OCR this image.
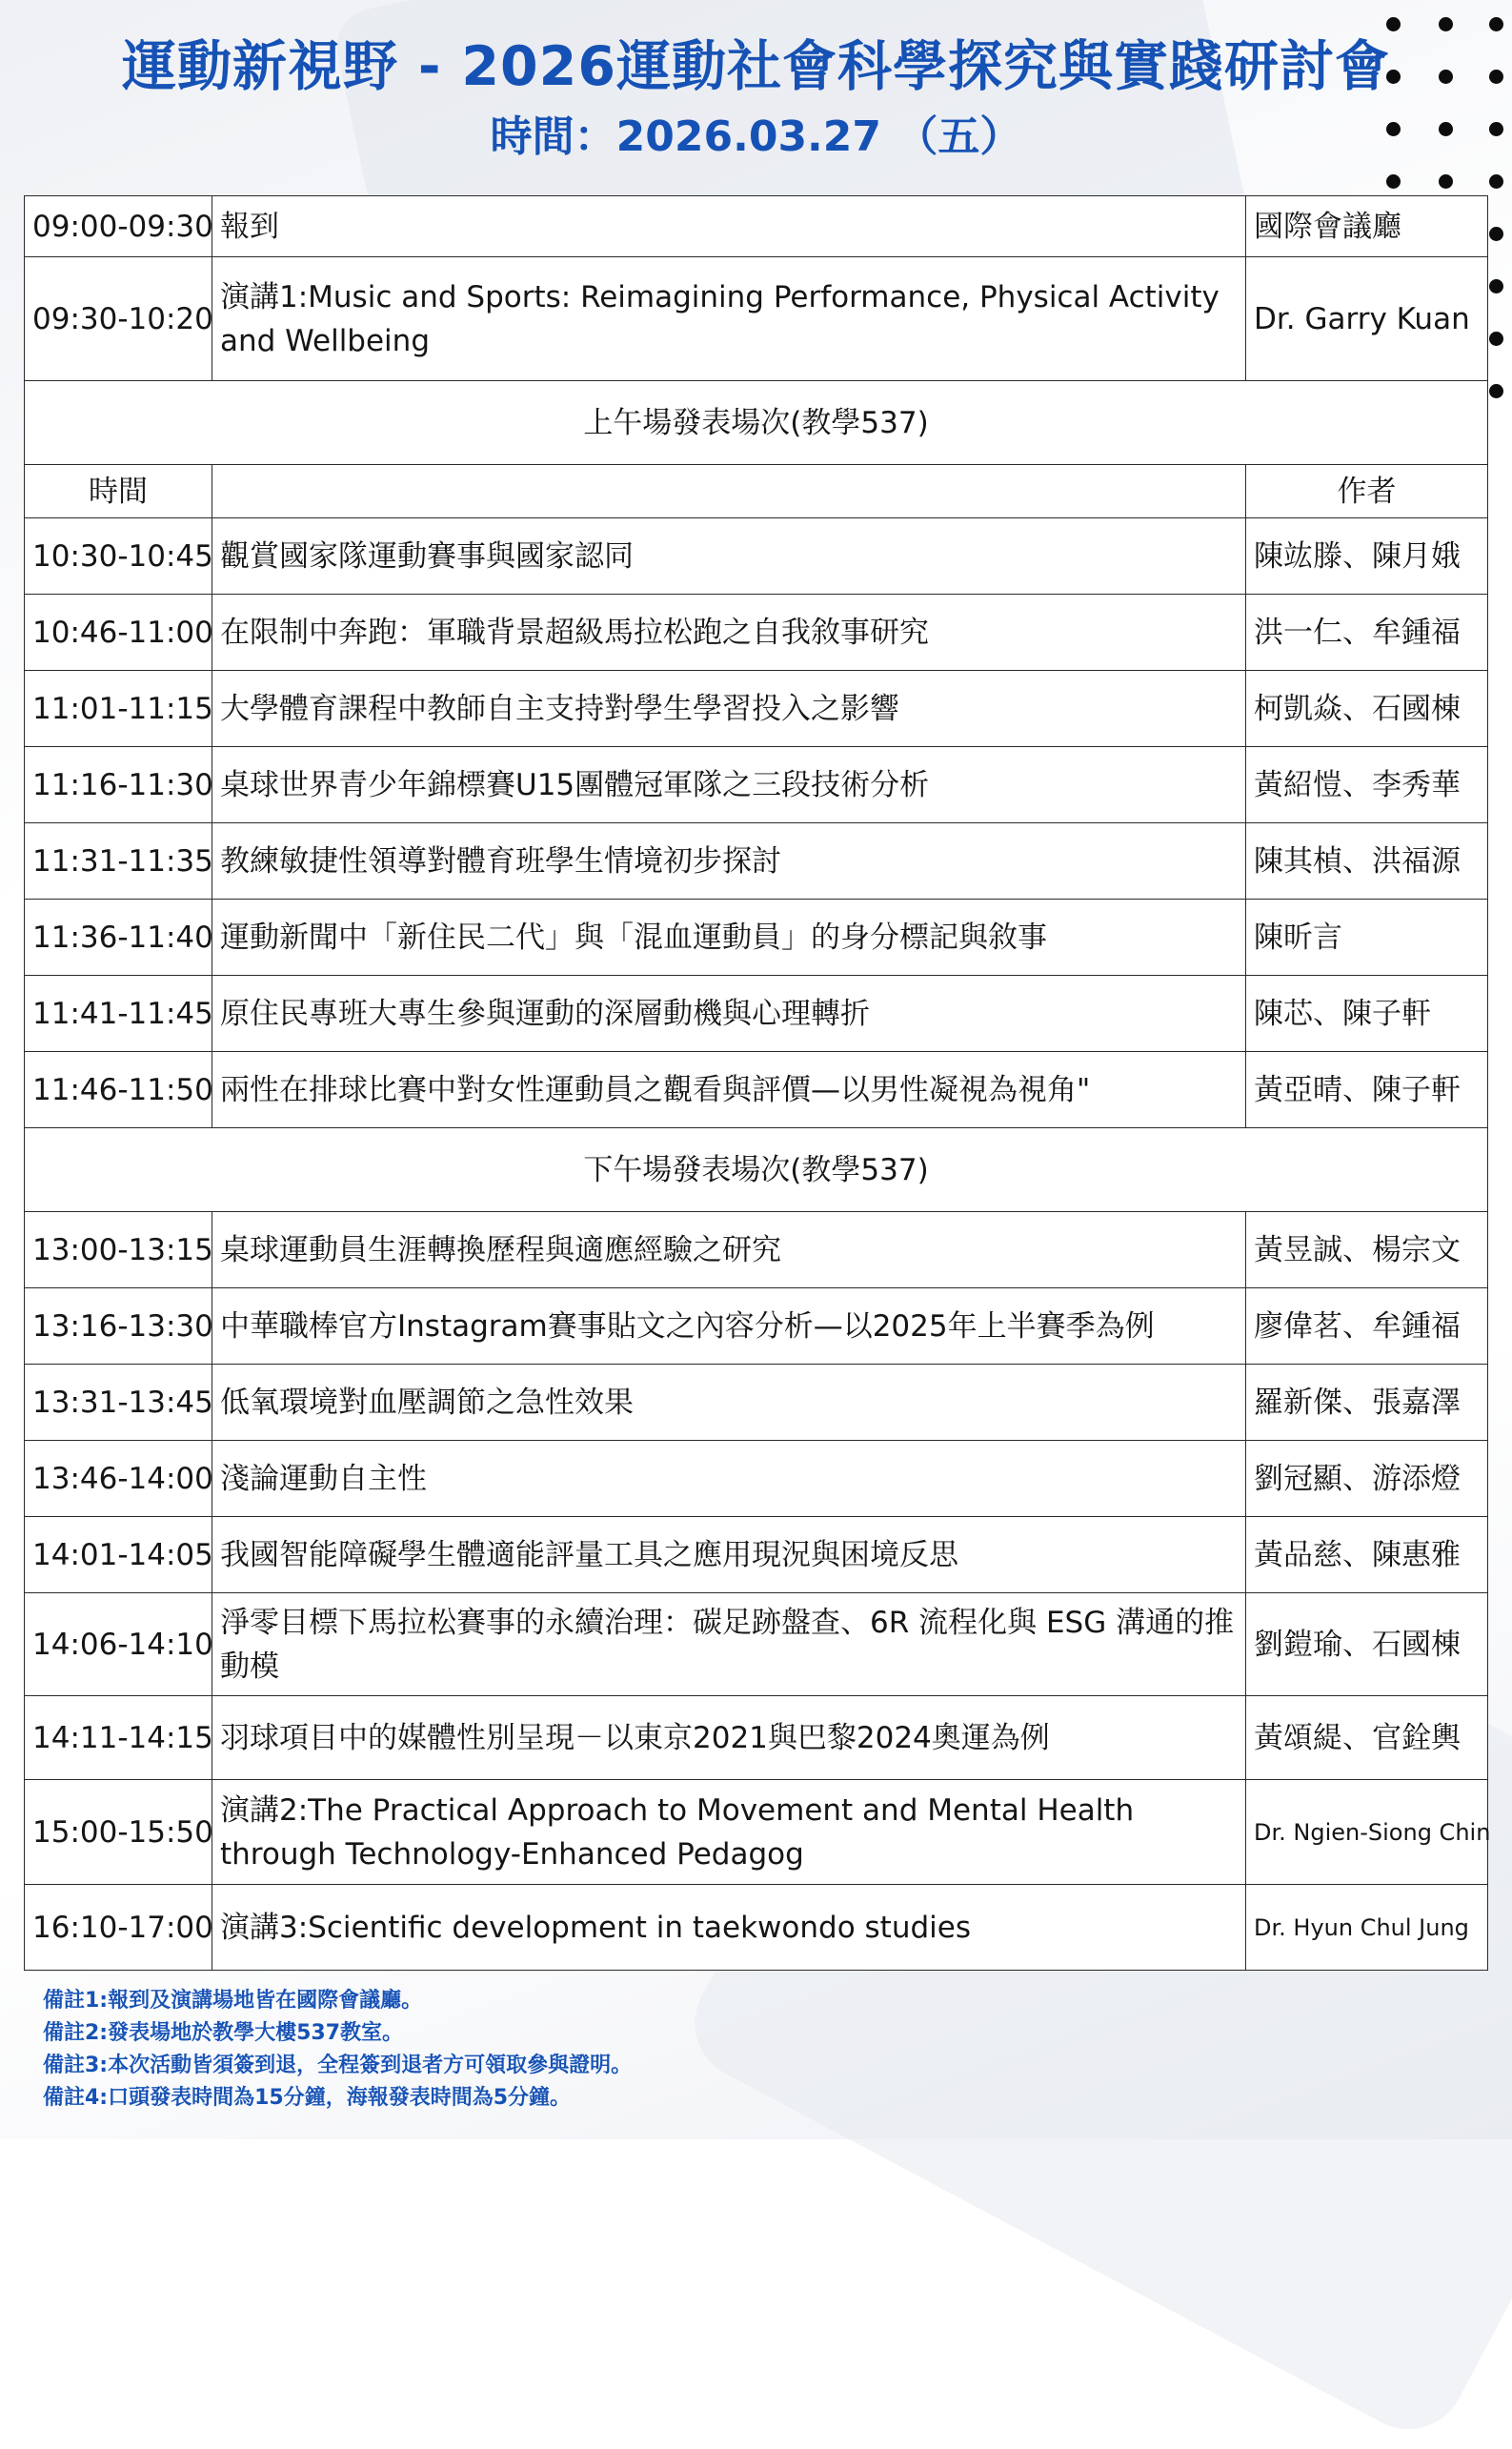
運動新視野 - 2026運動社會科學探究與實踐研討會
時間：2026.03.27 （五）
09:00-09:30	報到	國際會議廳
09:30-10:20	演講1:Music and Sports: Reimagining Performance, Physical Activity and Wellbeing	Dr. Garry Kuan
上午場發表場次(教學537)		
時間		作者
10:30-10:45	觀賞國家隊運動賽事與國家認同	陳竑滕、陳月娥
10:46-11:00	在限制中奔跑：軍職背景超級馬拉松跑之自我敘事研究	洪一仁、牟鍾福
11:01-11:15	大學體育課程中教師自主支持對學生學習投入之影響	柯凱焱、石國棟
11:16-11:30	桌球世界青少年錦標賽U15團體冠軍隊之三段技術分析	黃紹愷、李秀華
11:31-11:35	教練敏捷性領導對體育班學生情境初步探討	陳其楨、洪福源
11:36-11:40	運動新聞中「新住民二代」與「混血運動員」的身分標記與敘事	陳昕言
11:41-11:45	原住民專班大專生參與運動的深層動機與心理轉折	陳芯、陳子軒
11:46-11:50	兩性在排球比賽中對女性運動員之觀看與評價—以男性凝視為視角"	黃亞晴、陳子軒
下午場發表場次(教學537)		
13:00-13:15	桌球運動員生涯轉換歷程與適應經驗之研究	黃昱誠、楊宗文
13:16-13:30	中華職棒官方Instagram賽事貼文之內容分析—以2025年上半賽季為例	廖偉茗、牟鍾福
13:31-13:45	低氧環境對血壓調節之急性效果	羅新傑、張嘉澤
13:46-14:00	淺論運動自主性	劉冠顯、游添燈
14:01-14:05	我國智能障礙學生體適能評量工具之應用現況與困境反思	黃品慈、陳惠雅
14:06-14:10	淨零目標下馬拉松賽事的永續治理：碳足跡盤查、6R 流程化與 ESG 溝通的推動模	劉鎧瑜、石國棟
14:11-14:15	羽球項目中的媒體性別呈現－以東京2021與巴黎2024奧運為例	黃頌緹、官銓輿
15:00-15:50	演講2:The Practical Approach to Movement and Mental Health through Technology-Enhanced Pedagog	Dr. Ngien-Siong Chin
16:10-17:00	演講3:Scientific development in taekwondo studies	Dr. Hyun Chul Jung

備註1:報到及演講場地皆在國際會議廳。

備註2:發表場地於教學大樓537教室。

備註3:本次活動皆須簽到退，全程簽到退者方可領取參與證明。

備註4:口頭發表時間為15分鐘，海報發表時間為5分鐘。
